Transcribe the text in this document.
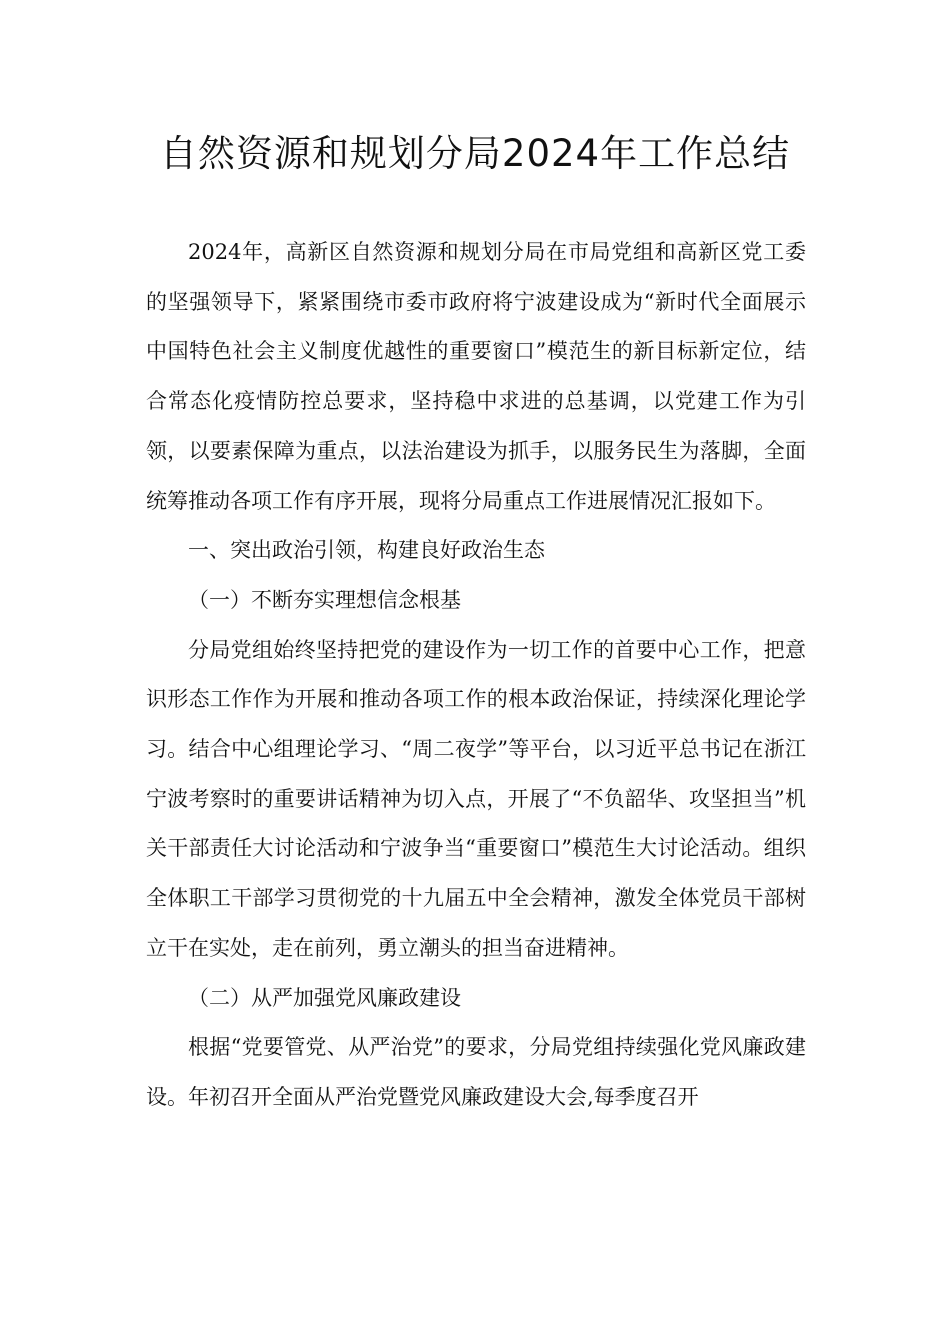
自然资源和规划分局2024年工作总结

2024年，高新区自然资源和规划分局在市局党组和高新区党工委的坚强领导下，紧紧围绕市委市政府将宁波建设成为“新时代全面展示中国特色社会主义制度优越性的重要窗口”模范生的新目标新定位，结合常态化疫情防控总要求，坚持稳中求进的总基调，以党建工作为引领，以要素保障为重点，以法治建设为抓手，以服务民生为落脚，全面统筹推动各项工作有序开展，现将分局重点工作进展情况汇报如下。

一、突出政治引领，构建良好政治生态

（一）不断夯实理想信念根基

分局党组始终坚持把党的建设作为一切工作的首要中心工作，把意识形态工作作为开展和推动各项工作的根本政治保证，持续深化理论学习。结合中心组理论学习、“周二夜学”等平台，以习近平总书记在浙江宁波考察时的重要讲话精神为切入点，开展了“不负韶华、攻坚担当”机关干部责任大讨论活动和宁波争当“重要窗口”模范生大讨论活动。组织全体职工干部学习贯彻党的十九届五中全会精神，激发全体党员干部树立干在实处，走在前列，勇立潮头的担当奋进精神。

（二）从严加强党风廉政建设

根据“党要管党、从严治党”的要求，分局党组持续强化党风廉政建设。年初召开全面从严治党暨党风廉政建设大会,每季度召开
